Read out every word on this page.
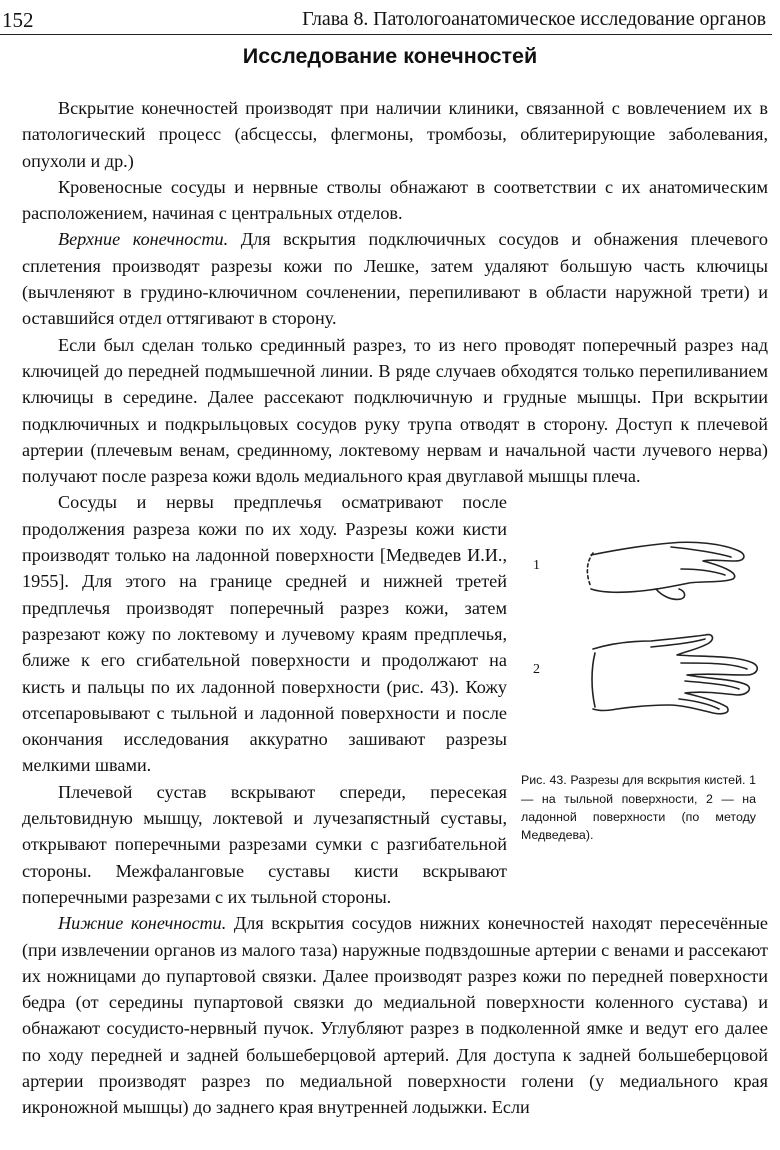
152	Глава 8. Патологоанатомическое исследование органов
Исследование конечностей

Вскрытие конечностей производят при наличии клиники, связанной с вовлечением их в патологический процесс (абсцессы, флегмоны, тромбозы, облитерирующие заболевания, опухоли и др.)

Кровеносные сосуды и нервные стволы обнажают в соответствии с их анатомическим расположением, начиная с центральных отделов.

Верхние конечности. Для вскрытия подключичных сосудов и обнажения плечевого сплетения производят разрезы кожи по Лешке, затем удаляют большую часть ключицы (вычленяют в грудино-ключичном сочленении, перепиливают в области наружной трети) и оставшийся отдел оттягивают в сторону.

Если был сделан только срединный разрез, то из него проводят поперечный разрез над ключицей до передней подмышечной линии. В ряде случаев обходятся только перепиливанием ключицы в середине. Далее рассекают подключичную и грудные мышцы. При вскрытии подключичных и подкрыльцовых сосудов руку трупа отводят в сторону. Доступ к плечевой артерии (плечевым венам, срединному, локтевому нервам и начальной части лучевого нерва) получают после разреза кожи вдоль медиального края двуглавой мышцы плеча.

Сосуды и нервы предплечья осматривают после продолжения разреза кожи по их ходу. Разрезы кожи кисти производят только на ладонной поверхности [Медведев И.И., 1955]. Для этого на границе средней и нижней третей предплечья производят поперечный разрез кожи, затем разрезают кожу по локтевому и лучевому краям предплечья, ближе к его сгибательной поверхности и продолжают на кисть и пальцы по их ладонной поверхности (рис. 43). Кожу отсепаровывают с тыльной и ладонной поверхности и после окончания исследования аккуратно зашивают разрезы мелкими швами.

Плечевой сустав вскрывают спереди, пересекая дельтовидную мышцу, локтевой и лучезапястный суставы, открывают поперечными разрезами сумки с разгибательной стороны. Межфаланговые суставы кисти вскрывают поперечными разрезами с их тыльной стороны.

1
2

Рис. 43. Разрезы для вскрытия кистей. 1 — на тыльной поверхности, 2 — на ладонной поверхности (по методу Медведева).

Нижние конечности. Для вскрытия сосудов нижних конечностей находят пересечённые (при извлечении органов из малого таза) наружные подвздошные артерии с венами и рассекают их ножницами до пупартовой связки. Далее производят разрез кожи по передней поверхности бедра (от середины пупартовой связки до медиальной поверхности коленного сустава) и обнажают сосудисто-нервный пучок. Углубляют разрез в подколенной ямке и ведут его далее по ходу передней и задней большеберцовой артерий. Для доступа к задней большеберцовой артерии производят разрез по медиальной поверхности голени (у медиального края икроножной мышцы) до заднего края внутренней лодыжки. Если
